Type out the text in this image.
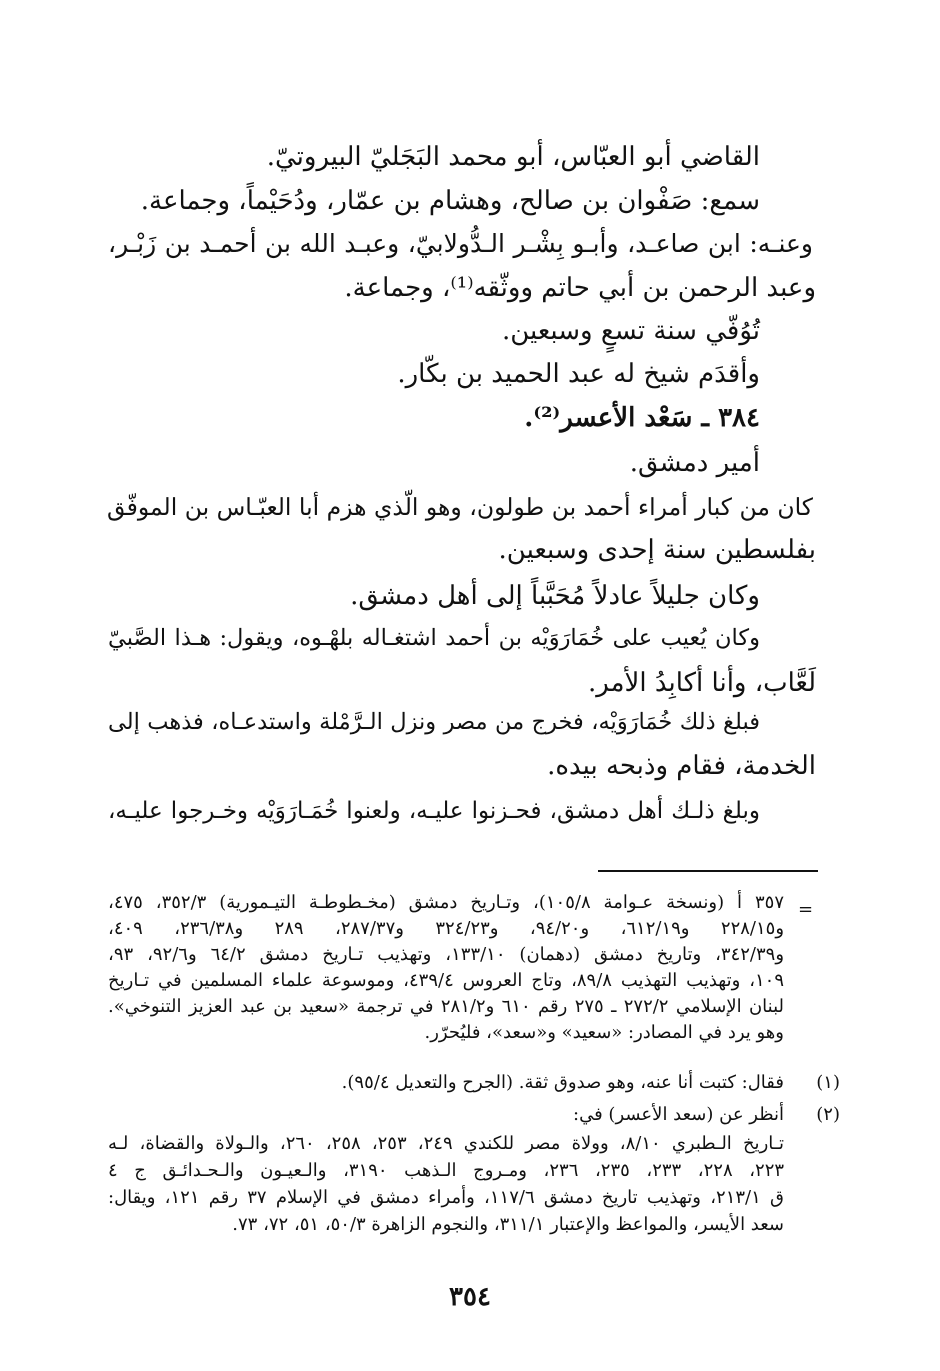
القاضي أبو العبّاس، أبو محمد البَجَليّ البيروتيّ.

سمع: صَفْوان بن صالح، وهشام بن عمّار، ودُحَيْماً، وجماعة.

وعنـه: ابن صاعـد، وأبـو بِشْـر الـدُّولابيّ، وعبـد الله بن أحمـد بن زَبْـر،

وعبد الرحمن بن أبي حاتم ووثّقه⁽¹⁾، وجماعة.

تُوُفّي سنة تسعٍ وسبعين.

وأقدَم شيخ له عبد الحميد بن بكّار.

٣٨٤ ـ سَعْد الأعسر⁽²⁾.

أمير دمشق.

كان من كبار أمراء أحمد بن طولون، وهو الّذي هزم أبا العبّـاس بن الموفّق

بفلسطين سنة إحدى وسبعين.

وكان جليلاً عادلاً مُحَبَّباً إلى أهل دمشق.

وكان يُعيب على خُمَارَوَيْه بن أحمد اشتغـاله بلهْـوه، ويقول: هـذا الصَّبيّ

لَعَّاب، وأنا أكابِدُ الأمر.

فبلغ ذلك خُمَارَوَيْه، فخرج من مصر ونزل الـرَّمْلة واستدعـاه، فذهب إلى

الخدمة، فقام وذبحه بيده.

وبلغ ذلـك أهل دمشق، فحـزنوا عليـه، ولعنوا خُمَـارَوَيْه وخـرجوا عليـه،

=

٣٥٧ أ (ونسخة عـوامة ١٠٥/٨)، وتـاريخ دمشق (مخـطوطـة التيـمورية) ٣٥٢/٣، ٤٧٥،

و٢٢٨/١٥ و٦١٢/١٩، و٩٤/٢٠، و٣٢٤/٢٣ و٢٨٧/٣٧، ٢٨٩ و٢٣٦/٣٨، ٤٠٩،

و٣٤٢/٣٩، وتاريخ دمشق (دهمان) ١٣٣/١٠، وتهذيب تـاريخ دمشق ٦٤/٢ و٩٢/٦، ٩٣،

١٠٩، وتهذيب التهذيب ٨٩/٨، وتاج العروس ٤٣٩/٤، وموسوعة علماء المسلمين في تـاريخ

لبنان الإسلامي ٢٧٢/٢ ـ ٢٧٥ رقم ٦١٠ و٢٨١/٢ في ترجمة «سعيد بن عبد العزيز التنوخي».

وهو يرد في المصادر: «سعيد» و«سعد»، فليُحرّر.

(١)

فقال: كتبت أنا عنه، وهو صدوق ثقة. (الجرح والتعديل ٩٥/٤).

(٢)

أنظر عن (سعد الأعسر) في:

تـاريخ الـطبري ٨/١٠، وولاة مصر للكندي ٢٤٩، ٢٥٣، ٢٥٨، ٢٦٠، والـولاة والقضاة، لـه

٢٢٣، ٢٢٨، ٢٣٣، ٢٣٥، ٢٣٦، ومـروج الـذهب ٣١٩٠، والـعيـون والـحـدائـق ج ٤

ق ٢١٣/١، وتهذيب تاريخ دمشق ١١٧/٦، وأمراء دمشق في الإسلام ٣٧ رقم ١٢١، ويقال:

سعد الأيسر، والمواعظ والإعتبار ٣١١/١، والنجوم الزاهرة ٥٠/٣، ٥١، ٧٢، ٧٣.

٣٥٤
